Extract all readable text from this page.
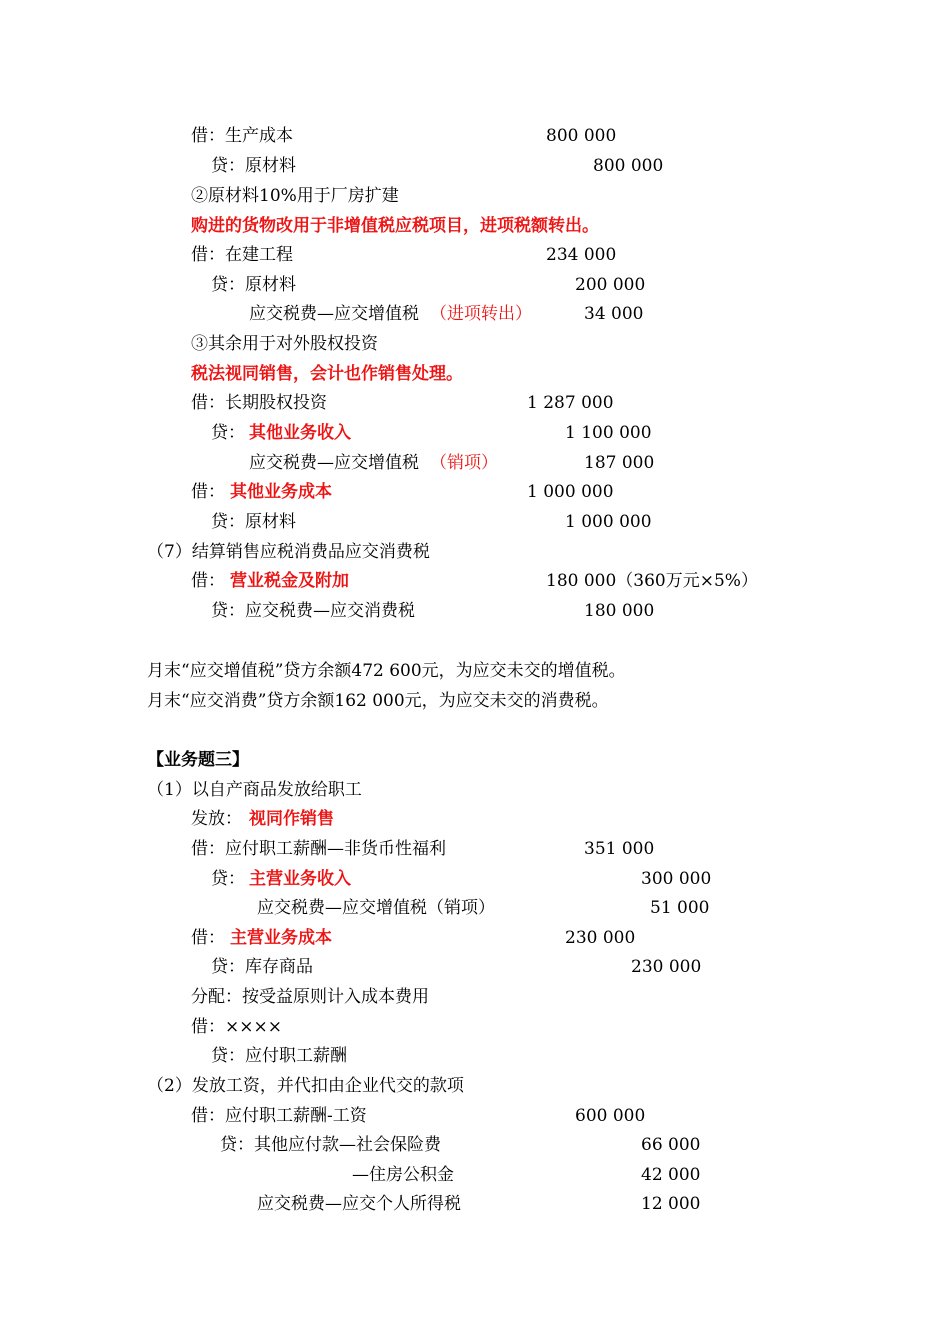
借：生产成本	800 000
贷：原材料	800 000
②原材料10%用于厂房扩建
购进的货物改用于非增值税应税项目，进项税额转出。
借：在建工程	234 000
贷：原材料	200 000
应交税费—应交增值税 （进项转出）	34 000
③其余用于对外股权投资
税法视同销售，会计也作销售处理。
借：长期股权投资	1 287 000
贷： 其他业务收入	1 100 000
应交税费—应交增值税 （销项）	187 000
借： 其他业务成本	1 000 000
贷：原材料	1 000 000
（7）结算销售应税消费品应交消费税
借： 营业税金及附加	180 000（360万元×5%）
贷：应交税费—应交消费税	180 000
月末“应交增值税”贷方余额472 600元，为应交未交的增值税。
月末“应交消费”贷方余额162 000元，为应交未交的消费税。
【业务题三】
（1）以自产商品发放给职工
发放： 视同作销售
借：应付职工薪酬—非货币性福利	351 000
贷： 主营业务收入	300 000
应交税费—应交增值税（销项）	51 000
借： 主营业务成本	230 000
贷：库存商品	230 000
分配：按受益原则计入成本费用
借：××××
贷：应付职工薪酬
（2）发放工资，并代扣由企业代交的款项
借：应付职工薪酬-工资	600 000
贷：其他应付款—社会保险费	66 000
—住房公积金	42 000
应交税费—应交个人所得税	12 000
